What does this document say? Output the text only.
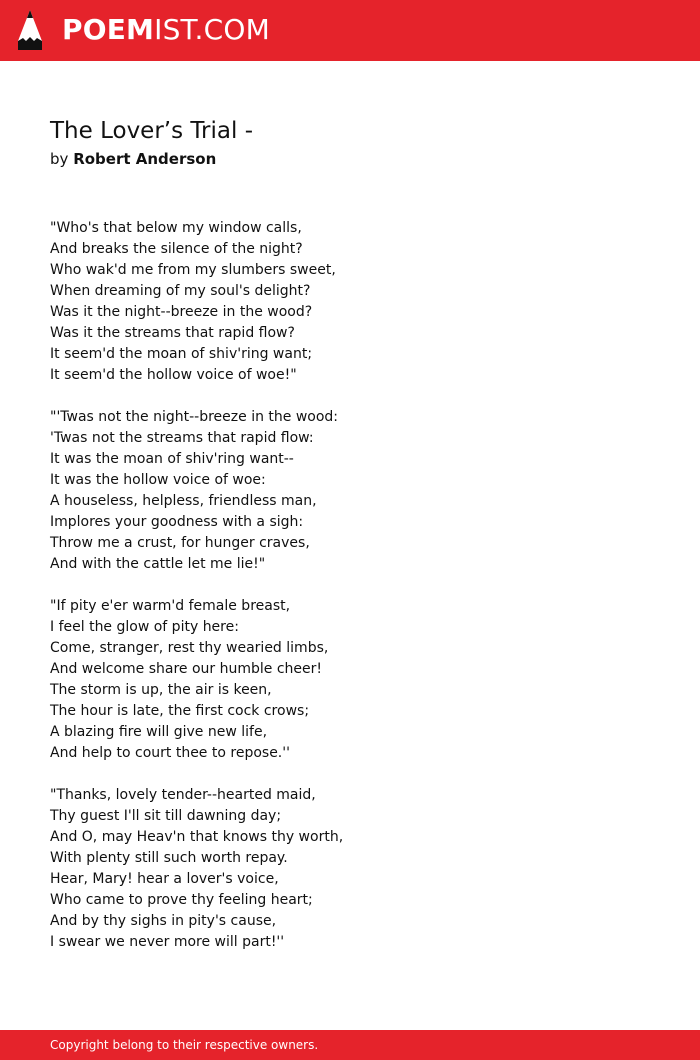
POEMIST.COM
The Lover’s Trial -
by Robert Anderson
"Who's that below my window calls,
And breaks the silence of the night?
Who wak'd me from my slumbers sweet,
When dreaming of my soul's delight?
Was it the night--breeze in the wood?
Was it the streams that rapid flow?
It seem'd the moan of shiv'ring want;
It seem'd the hollow voice of woe!"
"'Twas not the night--breeze in the wood:
'Twas not the streams that rapid flow:
It was the moan of shiv'ring want--
It was the hollow voice of woe:
A houseless, helpless, friendless man,
Implores your goodness with a sigh:
Throw me a crust, for hunger craves,
And with the cattle let me lie!"
"If pity e'er warm'd female breast,
I feel the glow of pity here:
Come, stranger, rest thy wearied limbs,
And welcome share our humble cheer!
The storm is up, the air is keen,
The hour is late, the first cock crows;
A blazing fire will give new life,
And help to court thee to repose.''
"Thanks, lovely tender--hearted maid,
Thy guest I'll sit till dawning day;
And O, may Heav'n that knows thy worth,
With plenty still such worth repay.
Hear, Mary! hear a lover's voice,
Who came to prove thy feeling heart;
And by thy sighs in pity's cause,
I swear we never more will part!''
Copyright belong to their respective owners.
